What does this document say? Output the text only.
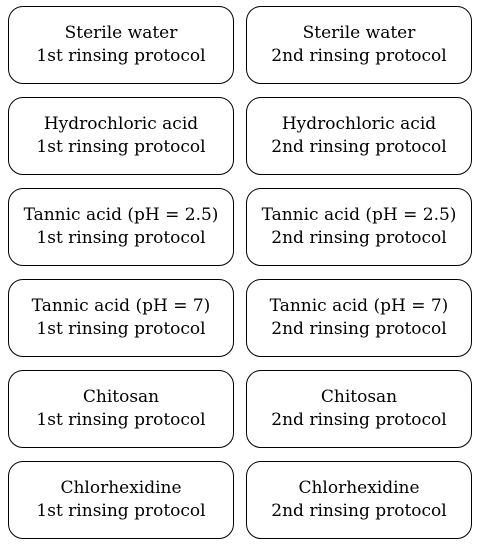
Sterile water
1st rinsing protocol
Sterile water
2nd rinsing protocol
Hydrochloric acid
1st rinsing protocol
Hydrochloric acid
2nd rinsing protocol
Tannic acid (pH = 2.5)
1st rinsing protocol
Tannic acid (pH = 2.5)
2nd rinsing protocol
Tannic acid (pH = 7)
1st rinsing protocol
Tannic acid (pH = 7)
2nd rinsing protocol
Chitosan
1st rinsing protocol
Chitosan
2nd rinsing protocol
Chlorhexidine
1st rinsing protocol
Chlorhexidine
2nd rinsing protocol
